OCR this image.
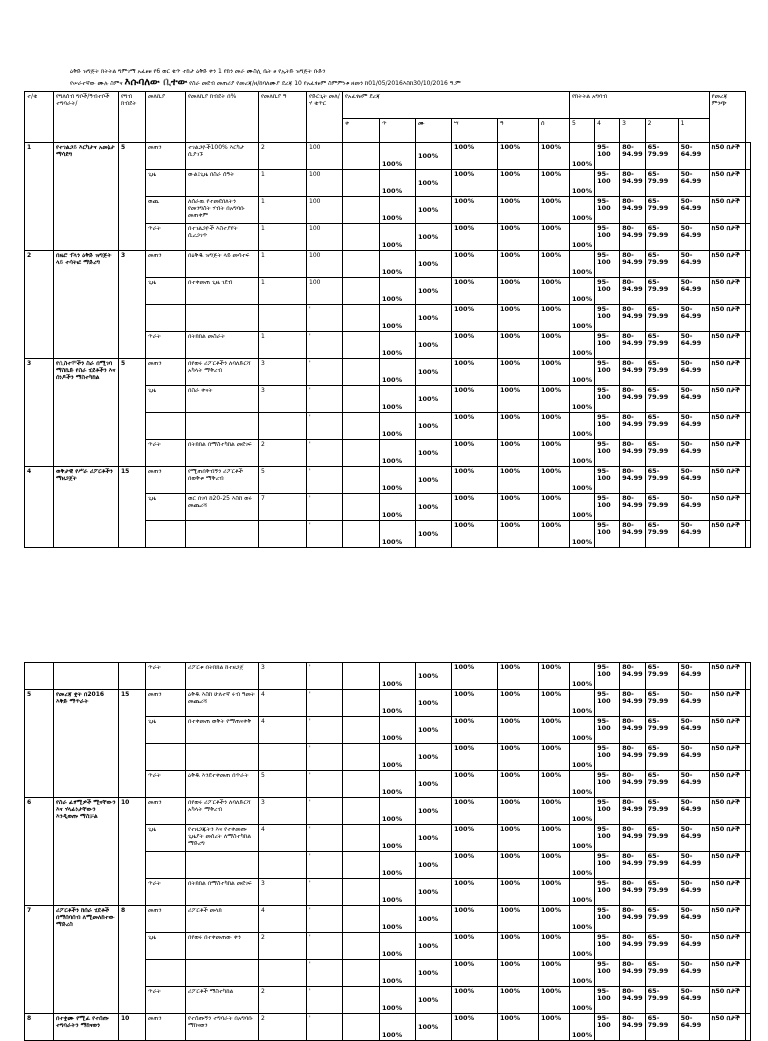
ዕቅድ ዝግጅት ክትትል ግምገማ አፈፀፀ የ6 ወር ቁጥ ተከታ ዕቅድ ቀን 1 የክን መራ ሙስሊ ቤት ፀ የኢትድ ዝግጅት ቡድን
የሠራተኛው ሙሉ ስምና እሱባለው ቢተው የስራ መደብ መጠሪያ የመረጃ/ዘ/ከባለሙያ ደረጃ 10 የአፈፃፀም ስምምነቱ ዘመን ከ01/05/2016እስከ30/10/2016 ዓ.ም
ተ/ቁ	የግለሰብ ግቦች/ዓብተቦች ተግባራት/	የግብ ክብደት	መለኪያ	የመለኪያ ክብደት በ%	የመለኪያ ዓ	የድርጊት መለ/ሃ ቁጥር	የአፈፃፀም ደረጃ						የክትትል አግባብ					የመረጃ ምንጭ	
							ቀ	ጥ	ሙ	ሣ	ዓ	ሰ	5	4	3	2	1		
1	የተገልጋይ እርካታና አመኔታ ማሳደግ	5	መጠን	ተገልጋዮች100% እርካታ ሲያገኙ	2	100		100%	100%	100%	100%	100%	100%	95-100	80-94.99	65-79.99	50-64.99	ከ50 በታች	
			ጊዜ	ውል፤ጊዜ በስራ ሰዓት	1	100		100%	100%	100%	100%	100%	100%	95-100	80-94.99	65-79.99	50-64.99	ከ50 በታች	
			ወጪ	ለሰራዉ የተመደበለትን የመንግስት ሃብት በአግባቡ መጠቀም	1	100		100%	100%	100%	100%	100%	100%	95-100	80-94.99	65-79.99	50-64.99	ከ50 በታች	
			ጥራት	በተገልጋዮች እስተያየት ሲረጋገጥ	1	100		100%	100%	100%	100%	100%	100%	95-100	80-94.99	65-79.99	50-64.99	ከ50 በታች	
2	በዜሮ ፕላን ዕቅድ ዝግጅት ላይ ተሳትፎ ማድረግ	3	መጠን	በዕቅዱ ዝግጅት ላይ መሳተፍ	1	100		100%	100%	100%	100%	100%	100%	95-100	80-94.99	65-79.99	50-64.99	ከ50 በታች	
			ጊዜ	በተቀመጠ ጊዜ ገደብ	1	100		100%	100%	100%	100%	100%	100%	95-100	80-94.99	65-79.99	50-64.99	ከ50 በታች	
						'		100%	100%	100%	100%	100%	100%	95-100	80-94.99	65-79.99	50-64.99	ከ50 በታች	
			ጥራት	በትክክል መስራት	1	'		100%	100%	100%	100%	100%	100%	95-100	80-94.99	65-79.99	50-64.99	ከ50 በታች	
3	የሲስተሞችን ስራ በሚገባ ማስኬድ የስራ ሂደቶችን እና ሰነዶችን ማስተካከል	5	መጠን	በየወሩ ሪፖርቶችን ለባለድርሻ አካላት ማቅረብ	3	'		100%	100%	100%	100%	100%	100%	95-100	80-94.99	65-79.99	50-64.99	ከ50 በታች	
			ጊዜ	በስራ ቀናት	3	'		100%	100%	100%	100%	100%	100%	95-100	80-94.99	65-79.99	50-64.99	ከ50 በታች	
						'		100%	100%	100%	100%	100%	100%	95-100	80-94.99	65-79.99	50-64.99	ከ50 በታች	
			ጥራት	በትክክል በማስተካከል መደገፍ	2	'		100%	100%	100%	100%	100%	100%	95-100	80-94.99	65-79.99	50-64.99	ከ50 በታች	
4	ወቅታዊ የሥራ ሪፖርቶችን ማዘጋጀት	15	መጠን	የሚጠበቅብኝን ሪፖርቶች በወቅቱ ማቅረብ	5	'		100%	100%	100%	100%	100%	100%	95-100	80-94.99	65-79.99	50-64.99	ከ50 በታች	
			ጊዜ	ወር በገባ ከ20-25 እስከ ወሩ መጨረሻ	7	'		100%	100%	100%	100%	100%	100%	95-100	80-94.99	65-79.99	50-64.99	ከ50 በታች	
						'		100%	100%	100%	100%	100%	100%	95-100	80-94.99	65-79.99	50-64.99	ከ50 በታች	
			ጥራት	ሪፖርቱ በትክክል ከተዘጋጀ	3	'		100%	100%	100%	100%	100%	100%	95-100	80-94.99	65-79.99	50-64.99	ከ50 በታች	
5	የመረጃ ቋት በ2016 እቅድ ማጥራት	15	መጠን	ዕቅዱ እስከ ሁለተኛ ሩብ ዓመት መጨረሻ	4	'		100%	100%	100%	100%	100%	100%	95-100	80-94.99	65-79.99	50-64.99	ከ50 በታች	
			ጊዜ	በተቀመጠ ወቅት የማጠናቀቅ	4	'		100%	100%	100%	100%	100%	100%	95-100	80-94.99	65-79.99	50-64.99	ከ50 በታች	
						'		100%	100%	100%	100%	100%	100%	95-100	80-94.99	65-79.99	50-64.99	ከ50 በታች	
			ጥራት	ዕቅዱ እንደተቀመጠ በጥራት	5	'		100%	100%	100%	100%	100%	100%	95-100	80-94.99	65-79.99	50-64.99	ከ50 በታች	
6	የስራ ፈፃሚዎች ሚናቸውን እና ሃላፊነታቸውን እንዲወጡ ማስቻል	10	መጠን	በየወሩ ሪፖርቶችን ለባለድርሻ አካላት ማቅረብ	3	'		100%	100%	100%	100%	100%	100%	95-100	80-94.99	65-79.99	50-64.99	ከ50 በታች	
			ጊዜ	የተዘጋጁትን እና የተቀመጡ ጊዜያት መሰረት ለማስተካከል ማድረግ	4	'		100%	100%	100%	100%	100%	100%	95-100	80-94.99	65-79.99	50-64.99	ከ50 በታች	
						'		100%	100%	100%	100%	100%	100%	95-100	80-94.99	65-79.99	50-64.99	ከ50 በታች	
			ጥራት	በትክክል በማስተካከል መደገፍ	3	'		100%	100%	100%	100%	100%	100%	95-100	80-94.99	65-79.99	50-64.99	ከ50 በታች	
7	ሪፖርቶችን ከሰራ ሂደቶች በማሰባሰብ ለሚመለከተው ማድረስ	8	መጠን	ሪፖርቶች መላክ	4	'		100%	100%	100%	100%	100%	100%	95-100	80-94.99	65-79.99	50-64.99	ከ50 በታች	
			ጊዜ	በየወሩ በተቀመጠው ቀን	2	'		100%	100%	100%	100%	100%	100%	95-100	80-94.99	65-79.99	50-64.99	ከ50 በታች	
						'		100%	100%	100%	100%	100%	100%	95-100	80-94.99	65-79.99	50-64.99	ከ50 በታች	
			ጥራት	ሪፖርቶች ማስተካከል	2	'		100%	100%	100%	100%	100%	100%	95-100	80-94.99	65-79.99	50-64.99	ከ50 በታች	
8	በተቋሙ የሚፈ የተሰጡ ተግባራትን ማከናወን	10	መጠን	የተሰጡኝን ተግባራት በአግባቡ ማከናወን	2	'		100%	100%	100%	100%	100%	100%	95-100	80-94.99	65-79.99	50-64.99	ከ50 በታች	
